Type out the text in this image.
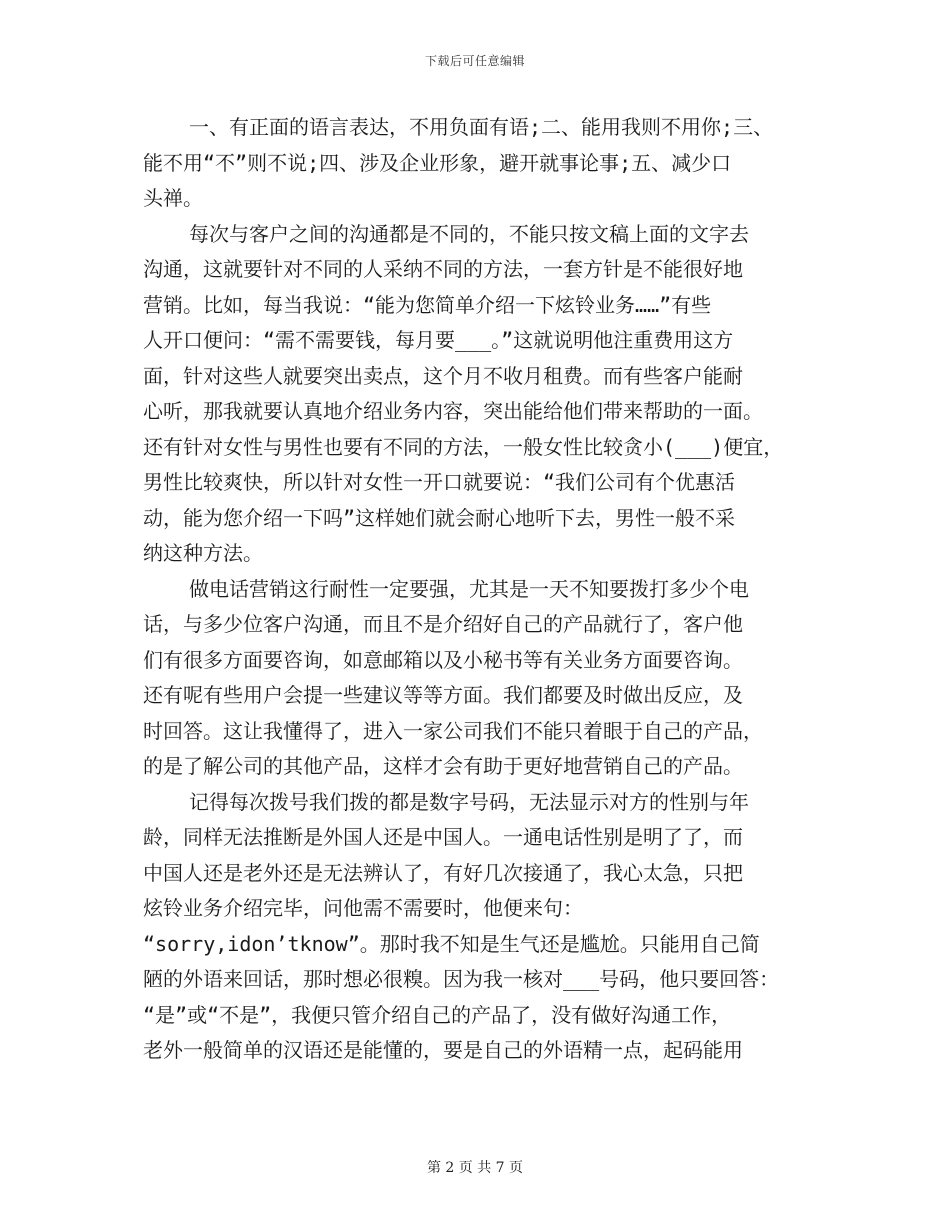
下载后可任意编辑
一、有正面的语言表达，不用负面有语;二、能用我则不用你;三、
能不用“不”则不说;四、涉及企业形象，避开就事论事;五、减少口
头禅。
每次与客户之间的沟通都是不同的，不能只按文稿上面的文字去
沟通，这就要针对不同的人采纳不同的方法，一套方针是不能很好地
营销。比如，每当我说：“能为您简单介绍一下炫铃业务……”有些
人开口便问：“需不需要钱，每月要___。”这就说明他注重费用这方
面，针对这些人就要突出卖点，这个月不收月租费。而有些客户能耐
心听，那我就要认真地介绍业务内容，突出能给他们带来帮助的一面。
还有针对女性与男性也要有不同的方法，一般女性比较贪小(___)便宜，
男性比较爽快，所以针对女性一开口就要说：“我们公司有个优惠活
动，能为您介绍一下吗”这样她们就会耐心地听下去，男性一般不采
纳这种方法。
做电话营销这行耐性一定要强，尤其是一天不知要拨打多少个电
话，与多少位客户沟通，而且不是介绍好自己的产品就行了，客户他
们有很多方面要咨询，如意邮箱以及小秘书等有关业务方面要咨询。
还有呢有些用户会提一些建议等等方面。我们都要及时做出反应，及
时回答。这让我懂得了，进入一家公司我们不能只着眼于自己的产品，
的是了解公司的其他产品，这样才会有助于更好地营销自己的产品。
记得每次拨号我们拨的都是数字号码，无法显示对方的性别与年
龄，同样无法推断是外国人还是中国人。一通电话性别是明了了，而
中国人还是老外还是无法辨认了，有好几次接通了，我心太急，只把
炫铃业务介绍完毕，问他需不需要时，他便来句：
“sorry,idon’tknow”。那时我不知是生气还是尴尬。只能用自己简
陋的外语来回话，那时想必很糗。因为我一核对___号码，他只要回答：
“是”或“不是”，我便只管介绍自己的产品了，没有做好沟通工作，
老外一般简单的汉语还是能懂的，要是自己的外语精一点，起码能用
第 2 页 共 7 页
